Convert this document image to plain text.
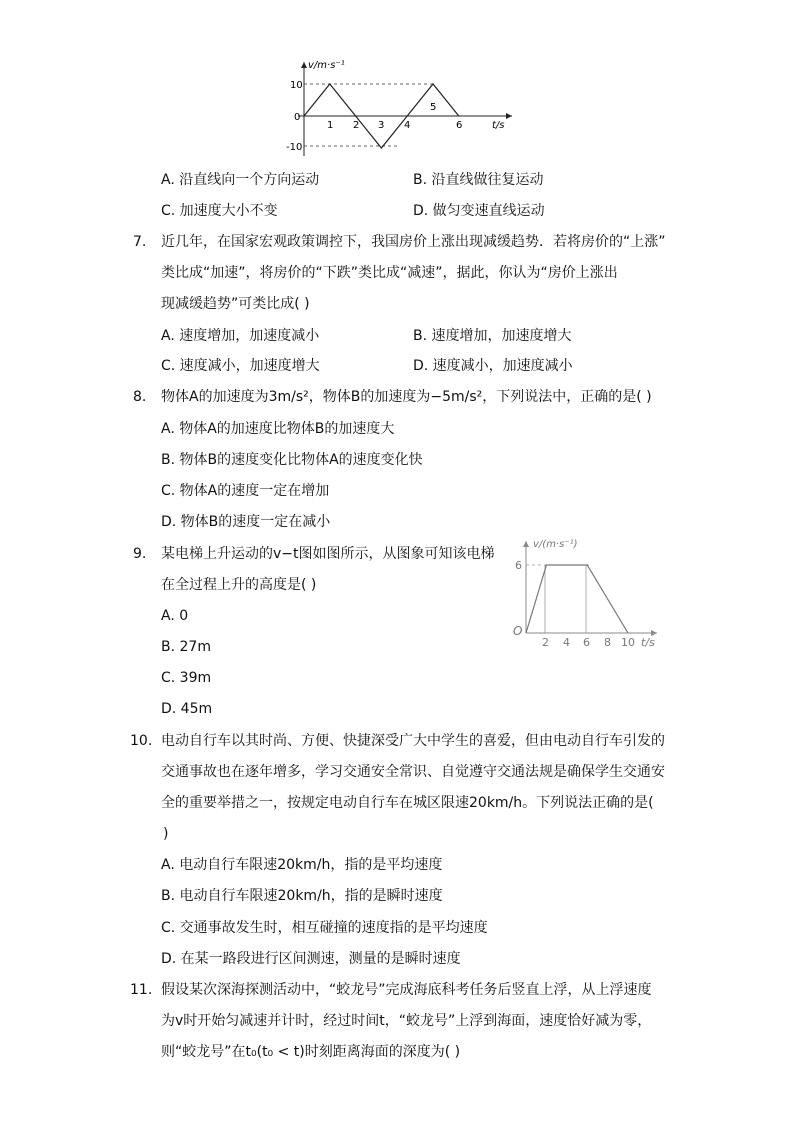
v/m·s⁻¹
t/s
10
0
-10
1 2 3 4
5
6
A. 沿直线向一个方向运动	B. 沿直线做往复运动
C. 加速度大小不变	D. 做匀变速直线运动
7. 近几年，在国家宏观政策调控下，我国房价上涨出现减缓趋势．若将房价的“上涨”
类比成“加速”，将房价的“下跌”类比成“减速”，据此，你认为“房价上涨出
现减缓趋势”可类比成( )
A. 速度增加，加速度减小	B. 速度增加，加速度增大
C. 速度减小，加速度增大	D. 速度减小，加速度减小
8. 物体A的加速度为3m/s²，物体B的加速度为−5m/s²，下列说法中，正确的是( )
A. 物体A的加速度比物体B的加速度大
B. 物体B的速度变化比物体A的速度变化快
C. 物体A的速度一定在增加
D. 物体B的速度一定在减小
9. 某电梯上升运动的v−t图如图所示，从图象可知该电梯
在全过程上升的高度是( )
A. 0
B. 27m
C. 39m
D. 45m
v/(m·s⁻¹)
6
O
2 4 6 8 10 t/s
10. 电动自行车以其时尚、方便、快捷深受广大中学生的喜爱，但由电动自行车引发的
交通事故也在逐年增多，学习交通安全常识、自觉遵守交通法规是确保学生交通安
全的重要举措之一，按规定电动自行车在城区限速20km/h。下列说法正确的是(
)
A. 电动自行车限速20km/h，指的是平均速度
B. 电动自行车限速20km/h，指的是瞬时速度
C. 交通事故发生时，相互碰撞的速度指的是平均速度
D. 在某一路段进行区间测速，测量的是瞬时速度
11. 假设某次深海探测活动中，“蛟龙号”完成海底科考任务后竖直上浮，从上浮速度
为v时开始匀减速并计时，经过时间t，“蛟龙号”上浮到海面，速度恰好减为零，
则“蛟龙号”在t₀(t₀ < t)时刻距离海面的深度为( )
